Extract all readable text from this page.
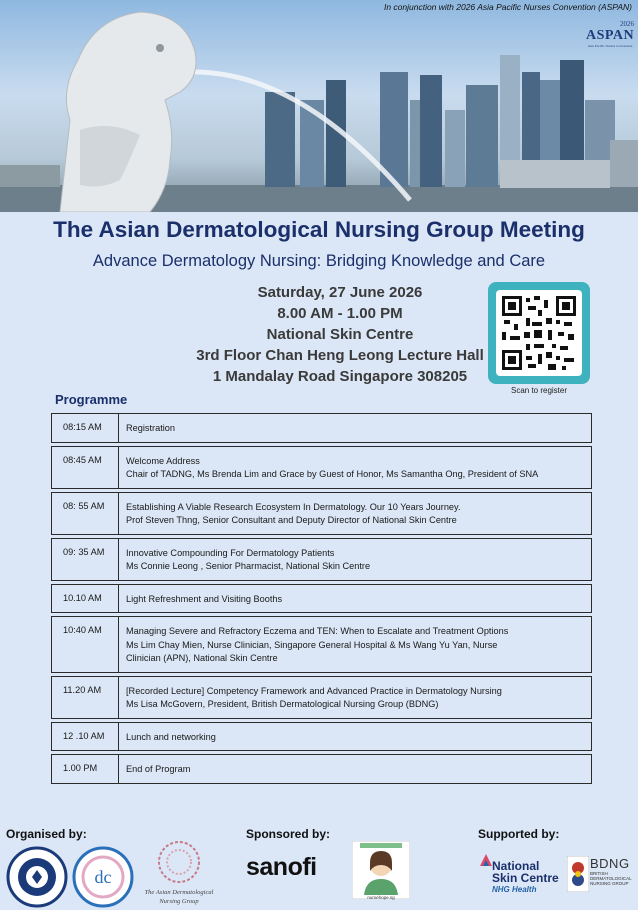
In conjunction with 2026 Asia Pacific Nurses Convention (ASPAN)
2026
ASPAN
Asia Pacific Nurses Convention
The Asian Dermatological Nursing Group Meeting
Advance Dermatology Nursing: Bridging Knowledge and Care
Saturday, 27 June 2026
8.00 AM - 1.00 PM
National Skin Centre
3rd Floor Chan Heng Leong Lecture Hall
1 Mandalay Road Singapore 308205
Scan to register
Programme
08:15 AM	Registration
08:45 AM	Welcome Address
Chair of TADNG, Ms Brenda Lim and Grace by Guest of Honor, Ms Samantha Ong, President of SNA
08: 55 AM	Establishing A Viable Research Ecosystem In Dermatology. Our 10 Years Journey.
Prof Steven Thng, Senior Consultant and Deputy Director of National Skin Centre
09: 35 AM	Innovative Compounding For Dermatology Patients
Ms Connie Leong , Senior Pharmacist, National Skin Centre
10.10 AM	Light Refreshment and Visiting Booths
10:40 AM	Managing Severe and Refractory Eczema and TEN: When to Escalate and Treatment Options
Ms Lim Chay Mien, Nurse Clinician, Singapore General Hospital & Ms Wang Yu Yan, Nurse
Clinician (APN), National Skin Centre
11.20 AM	[Recorded Lecture] Competency Framework and Advanced Practice in Dermatology Nursing
Ms Lisa McGovern, President, British Dermatological Nursing Group (BDNG)
12 .10 AM	Lunch and networking
1.00 PM	End of Program
Organised by:	Sponsored by:	Supported by:
dc
The Asian Dermatological
Nursing Group
sanofi
nursehope.sg
National
Skin Centre
NHG Health
BDNG
BRITISH
DERMATOLOGICAL
NURSING GROUP
